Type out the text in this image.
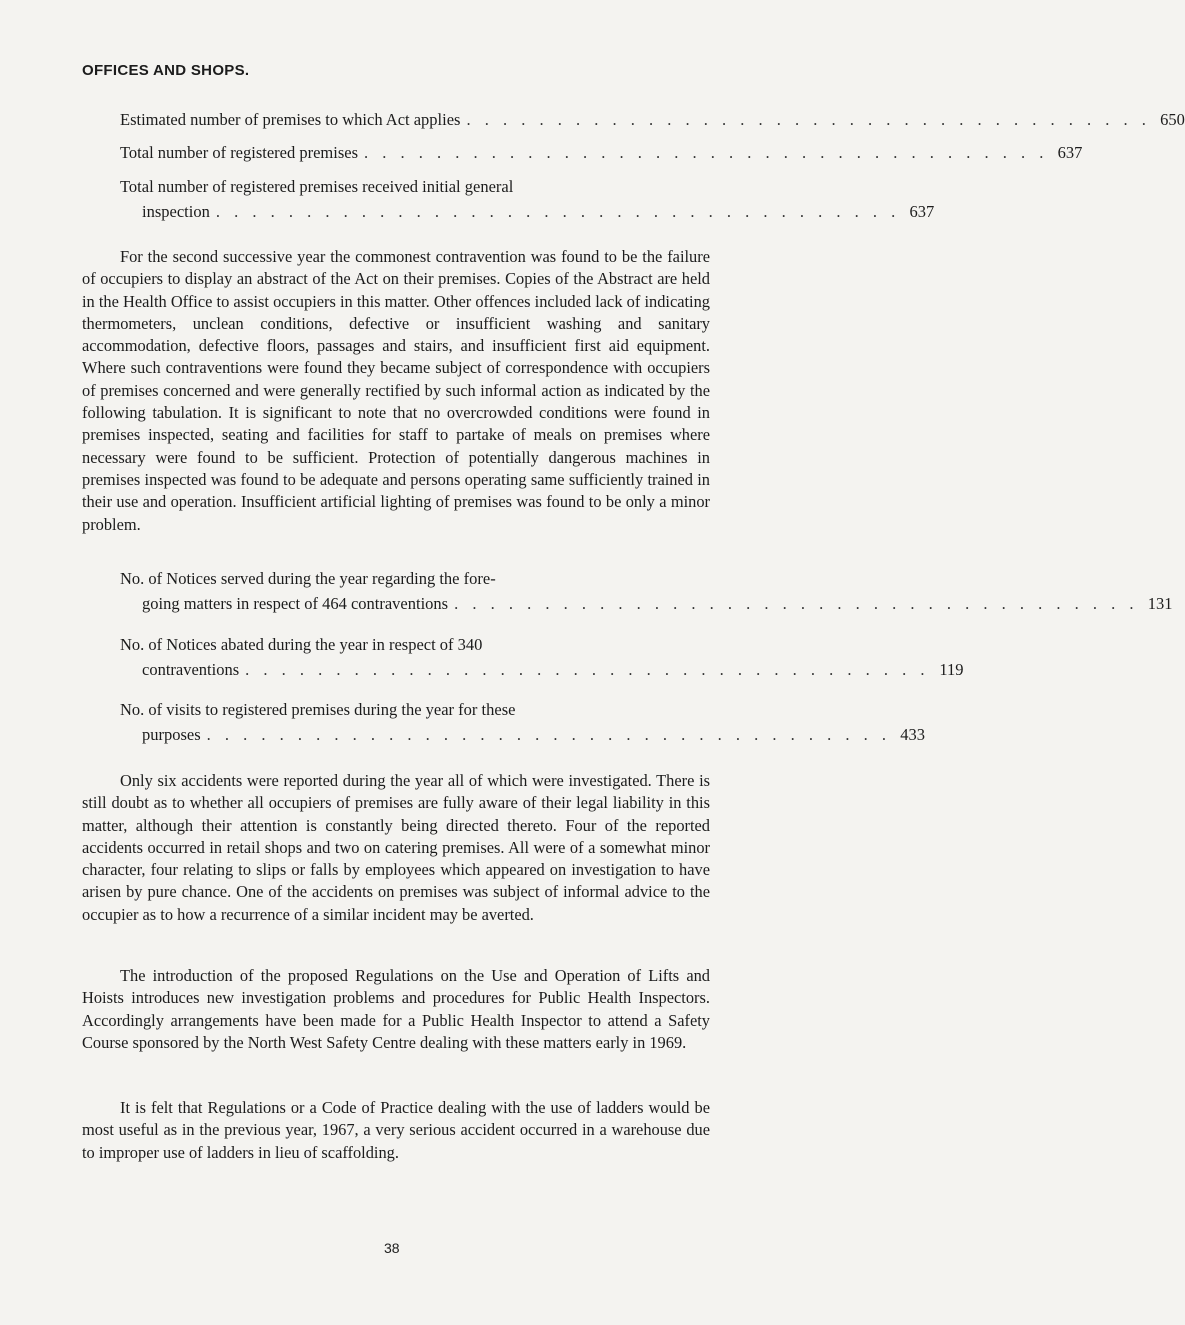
OFFICES AND SHOPS.
Estimated number of premises to which Act applies . . . . . . . . . . . . . . . . . . . . . . . . . . . . . . . . . . . . . . 650
Total number of registered premises . . . . . . . . . . . . . . . . . . . . . . . . . . . . . . . . . . . . . . 637
Total number of registered premises received initial general
inspection . . . . . . . . . . . . . . . . . . . . . . . . . . . . . . . . . . . . . . 637

For the second successive year the commonest contravention was found to be the failure of occupiers to display an abstract of the Act on their premises. Copies of the Abstract are held in the Health Office to assist occupiers in this matter. Other offences included lack of indicating thermometers, unclean conditions, defective or insufficient washing and sanitary accommodation, defective floors, passages and stairs, and insufficient first aid equipment. Where such contraventions were found they became subject of correspondence with occupiers of premises concerned and were generally rectified by such informal action as indicated by the following tabulation. It is significant to note that no overcrowded conditions were found in premises inspected, seating and facilities for staff to partake of meals on premises where necessary were found to be sufficient. Protection of potentially dangerous machines in premises inspected was found to be adequate and persons operating same sufficiently trained in their use and operation. Insufficient artificial lighting of premises was found to be only a minor problem.

No. of Notices served during the year regarding the fore-
going matters in respect of 464 contraventions . . . . . . . . . . . . . . . . . . . . . . . . . . . . . . . . . . . . . . 131
No. of Notices abated during the year in respect of 340
contraventions . . . . . . . . . . . . . . . . . . . . . . . . . . . . . . . . . . . . . . 119
No. of visits to registered premises during the year for these
purposes . . . . . . . . . . . . . . . . . . . . . . . . . . . . . . . . . . . . . . 433

Only six accidents were reported during the year all of which were investigated. There is still doubt as to whether all occupiers of premises are fully aware of their legal liability in this matter, although their attention is constantly being directed thereto. Four of the reported accidents occurred in retail shops and two on catering premises. All were of a somewhat minor character, four relating to slips or falls by employees which appeared on investigation to have arisen by pure chance. One of the accidents on premises was subject of informal advice to the occupier as to how a recurrence of a similar incident may be averted.

The introduction of the proposed Regulations on the Use and Operation of Lifts and Hoists introduces new investigation problems and procedures for Public Health Inspectors. Accordingly arrangements have been made for a Public Health Inspector to attend a Safety Course sponsored by the North West Safety Centre dealing with these matters early in 1969.

It is felt that Regulations or a Code of Practice dealing with the use of ladders would be most useful as in the previous year, 1967, a very serious accident occurred in a warehouse due to improper use of ladders in lieu of scaffolding.

38
